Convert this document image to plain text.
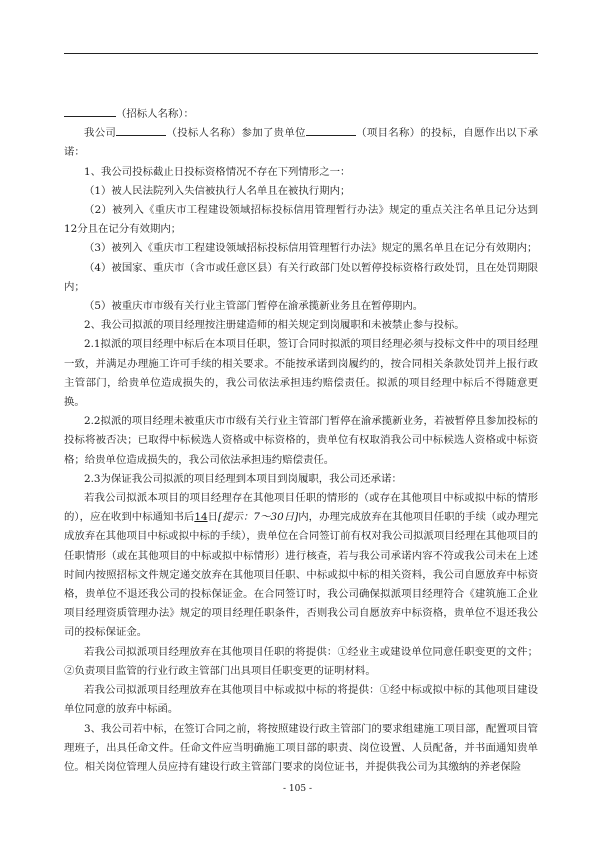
（招标人名称）：

我公司	（投标人名称）参加了贵单位	（项目名称）的投标，自愿作出以下承诺：

1、我公司投标截止日投标资格情况不存在下列情形之一：

（1）被人民法院列入失信被执行人名单且在被执行期内；

（2）被列入《重庆市工程建设领域招标投标信用管理暂行办法》规定的重点关注名单且记分达到12分且在记分有效期内；

（3）被列入《重庆市工程建设领域招标投标信用管理暂行办法》规定的黑名单且在记分有效期内；

（4）被国家、重庆市（含市或任意区县）有关行政部门处以暂停投标资格行政处罚，且在处罚期限内；

（5）被重庆市市级有关行业主管部门暂停在渝承揽新业务且在暂停期内。

2、我公司拟派的项目经理按注册建造师的相关规定到岗履职和未被禁止参与投标。

2.1拟派的项目经理中标后在本项目任职，签订合同时拟派的项目经理必须与投标文件中的项目经理一致，并满足办理施工许可手续的相关要求。不能按承诺到岗履约的，按合同相关条款处罚并上报行政主管部门，给贵单位造成损失的，我公司依法承担违约赔偿责任。拟派的项目经理中标后不得随意更换。

2.2拟派的项目经理未被重庆市市级有关行业主管部门暂停在渝承揽新业务，若被暂停且参加投标的投标将被否决；已取得中标候选人资格或中标资格的，贵单位有权取消我公司中标候选人资格或中标资格；给贵单位造成损失的，我公司依法承担违约赔偿责任。

2.3为保证我公司拟派的项目经理到本项目到岗履职，我公司还承诺：

若我公司拟派本项目的项目经理存在其他项目任职的情形的（或存在其他项目中标或拟中标的情形的），应在收到中标通知书后14日[提示：7～30日]内，办理完成放弃在其他项目任职的手续（或办理完成放弃在其他项目中标或拟中标的手续），贵单位在合同签订前有权对我公司拟派项目经理在其他项目的任职情形（或在其他项目的中标或拟中标情形）进行核查，若与我公司承诺内容不符或我公司未在上述时间内按照招标文件规定递交放弃在其他项目任职、中标或拟中标的相关资料，我公司自愿放弃中标资格，贵单位不退还我公司的投标保证金。在合同签订时，我公司确保拟派项目经理符合《建筑施工企业项目经理资质管理办法》规定的项目经理任职条件，否则我公司自愿放弃中标资格，贵单位不退还我公司的投标保证金。

若我公司拟派项目经理放弃在其他项目任职的将提供：①经业主或建设单位同意任职变更的文件；②负责项目监管的行业行政主管部门出具项目任职变更的证明材料。

若我公司拟派项目经理放弃在其他项目中标或拟中标的将提供：①经中标或拟中标的其他项目建设单位同意的放弃中标函。

3、我公司若中标，在签订合同之前，将按照建设行政主管部门的要求组建施工项目部，配置项目管理班子，出具任命文件。任命文件应当明确施工项目部的职责、岗位设置、人员配备，并书面通知贵单位。相关岗位管理人员应持有建设行政主管部门要求的岗位证书，并提供我公司为其缴纳的养老保险

- 105 -
